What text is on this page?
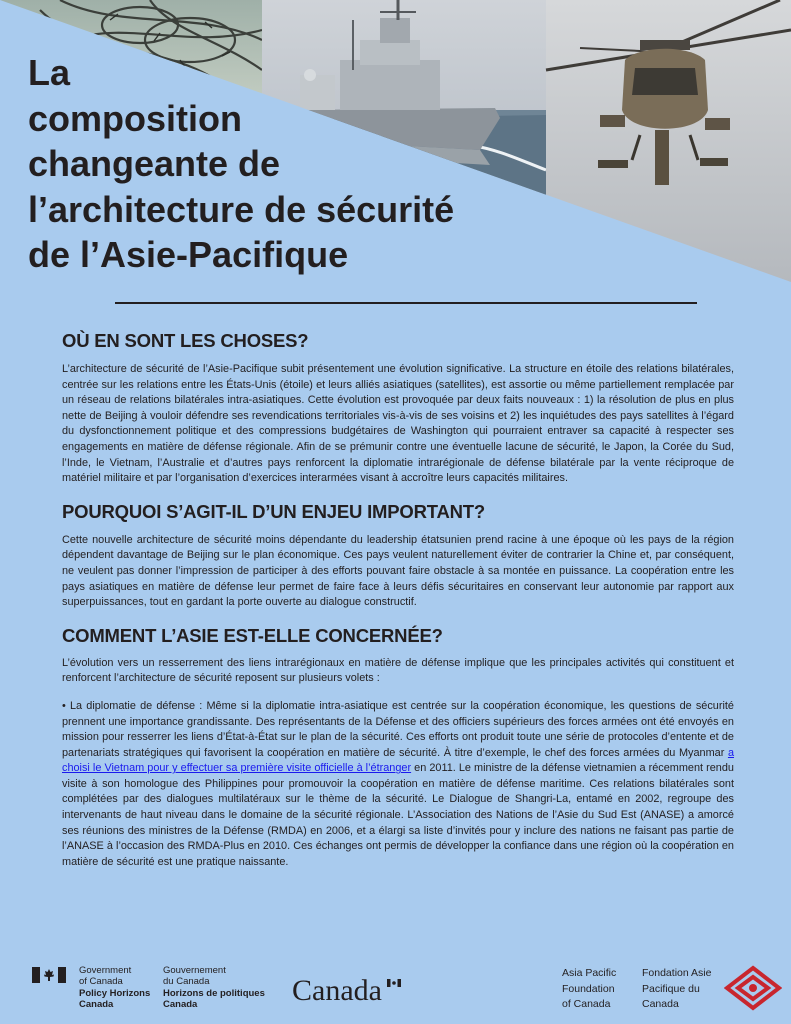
La
composition
changeante de
l’architecture de sécurité
de l’Asie-Pacifique
OÙ EN SONT LES CHOSES?

L’architecture de sécurité de l’Asie-Pacifique subit présentement une évolution significative. La structure en étoile des relations bilatérales, centrée sur les relations entre les États-Unis (étoile) et leurs alliés asiatiques (satellites), est assortie ou même partiellement remplacée par un réseau de relations bilatérales intra-asiatiques. Cette évolution est provoquée par deux faits nouveaux : 1) la résolution de plus en plus nette de Beijing à vouloir défendre ses revendications territoriales vis-à-vis de ses voisins et 2) les inquiétudes des pays satellites à l’égard du dysfonctionnement politique et des compressions budgétaires de Washington qui pourraient entraver sa capacité à respecter ses engagements en matière de défense régionale. Afin de se prémunir contre une éventuelle lacune de sécurité, le Japon, la Corée du Sud, l’Inde, le Vietnam, l’Australie et d’autres pays renforcent la diplomatie intrarégionale de défense bilatérale par la vente réciproque de matériel militaire et par l’organisation d’exercices interarmées visant à accroître leurs capacités militaires.

POURQUOI S’AGIT-IL D’UN ENJEU IMPORTANT?

Cette nouvelle architecture de sécurité moins dépendante du leadership étatsunien prend racine à une époque où les pays de la région dépendent davantage de Beijing sur le plan économique. Ces pays veulent naturellement éviter de contrarier la Chine et, par conséquent, ne veulent pas donner l’impression de participer à des efforts pouvant faire obstacle à sa montée en puissance. La coopération entre les pays asiatiques en matière de défense leur permet de faire face à leurs défis sécuritaires en conservant leur autonomie par rapport aux superpuissances, tout en gardant la porte ouverte au dialogue constructif.

COMMENT L’ASIE EST-ELLE CONCERNÉE?

L’évolution vers un resserrement des liens intrarégionaux en matière de défense implique que les principales activités qui constituent et renforcent l’architecture de sécurité reposent sur plusieurs volets :

• La diplomatie de défense : Même si la diplomatie intra-asiatique est centrée sur la coopération économique, les questions de sécurité prennent une importance grandissante. Des représentants de la Défense et des officiers supérieurs des forces armées ont été envoyés en mission pour resserrer les liens d’État-à-État sur le plan de la sécurité. Ces efforts ont produit toute une série de protocoles d’entente et de partenariats stratégiques qui favorisent la coopération en matière de sécurité. À titre d’exemple, le chef des forces armées du Myanmar a choisi le Vietnam pour y effectuer sa première visite officielle à l’étranger en 2011. Le ministre de la défense vietnamien a récemment rendu visite à son homologue des Philippines pour promouvoir la coopération en matière de défense maritime. Ces relations bilatérales sont complétées par des dialogues multilatéraux sur le thème de la sécurité. Le Dialogue de Shangri-La, entamé en 2002, regroupe des intervenants de haut niveau dans le domaine de la sécurité régionale. L’Association des Nations de l’Asie du Sud Est (ANASE) a amorcé ses réunions des ministres de la Défense (RMDA) en 2006, et a élargi sa liste d’invités pour y inclure des nations ne faisant pas partie de l’ANASE à l’occasion des RMDA-Plus en 2010. Ces échanges ont permis de développer la confiance dans une région où la coopération en matière de sécurité est une pratique naissante.

Government
of Canada
Gouvernement
du Canada
Policy Horizons
Canada
Horizons de politiques
Canada	Canada
Asia Pacific
Foundation
of Canada
Fondation Asie
Pacifique du
Canada
